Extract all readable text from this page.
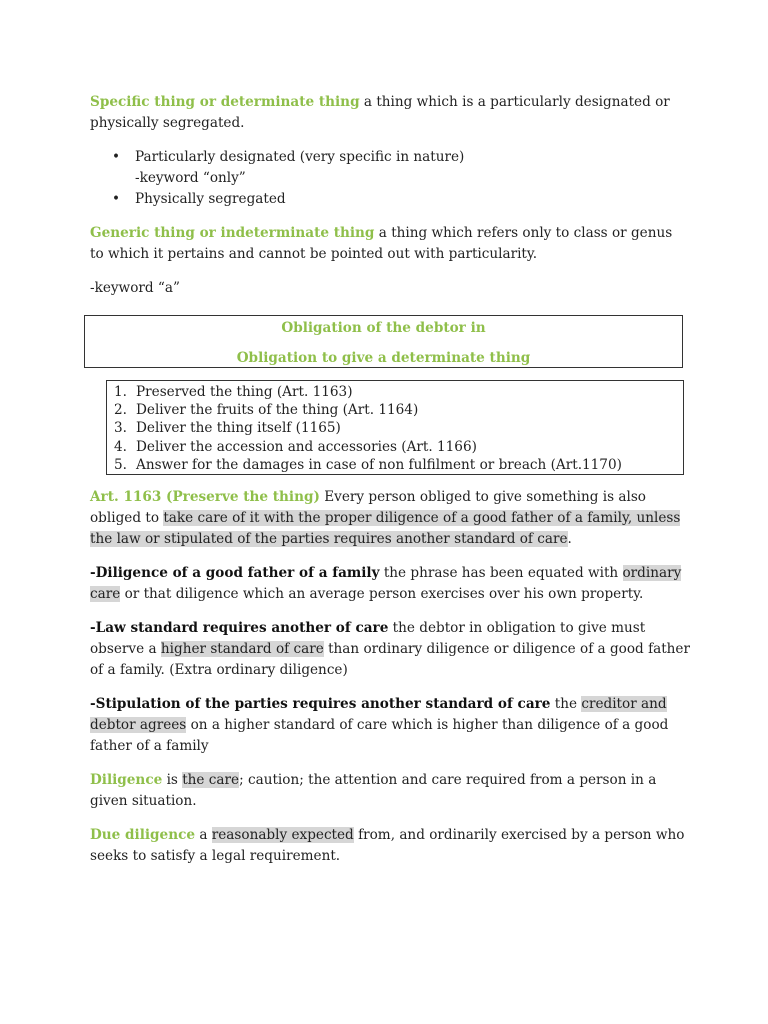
Specific thing or determinate thing a thing which is a particularly designated or physically segregated.

• Particularly designated (very specific in nature)
-keyword “only”
• Physically segregated

Generic thing or indeterminate thing a thing which refers only to class or genus to which it pertains and cannot be pointed out with particularity.

-keyword “a”

Obligation of the debtor in
Obligation to give a determinate thing
1. Preserved the thing (Art. 1163)
2. Deliver the fruits of the thing (Art. 1164)
3. Deliver the thing itself (1165)
4. Deliver the accession and accessories (Art. 1166)
5. Answer for the damages in case of non fulfilment or breach (Art.1170)

Art. 1163 (Preserve the thing) Every person obliged to give something is also obliged to take care of it with the proper diligence of a good father of a family, unless the law or stipulated of the parties requires another standard of care.

-Diligence of a good father of a family the phrase has been equated with ordinary care or that diligence which an average person exercises over his own property.

-Law standard requires another of care the debtor in obligation to give must observe a higher standard of care than ordinary diligence or diligence of a good father of a family. (Extra ordinary diligence)

-Stipulation of the parties requires another standard of care the creditor and debtor agrees on a higher standard of care which is higher than diligence of a good father of a family

Diligence is the care; caution; the attention and care required from a person in a given situation.

Due diligence a reasonably expected from, and ordinarily exercised by a person who seeks to satisfy a legal requirement.
